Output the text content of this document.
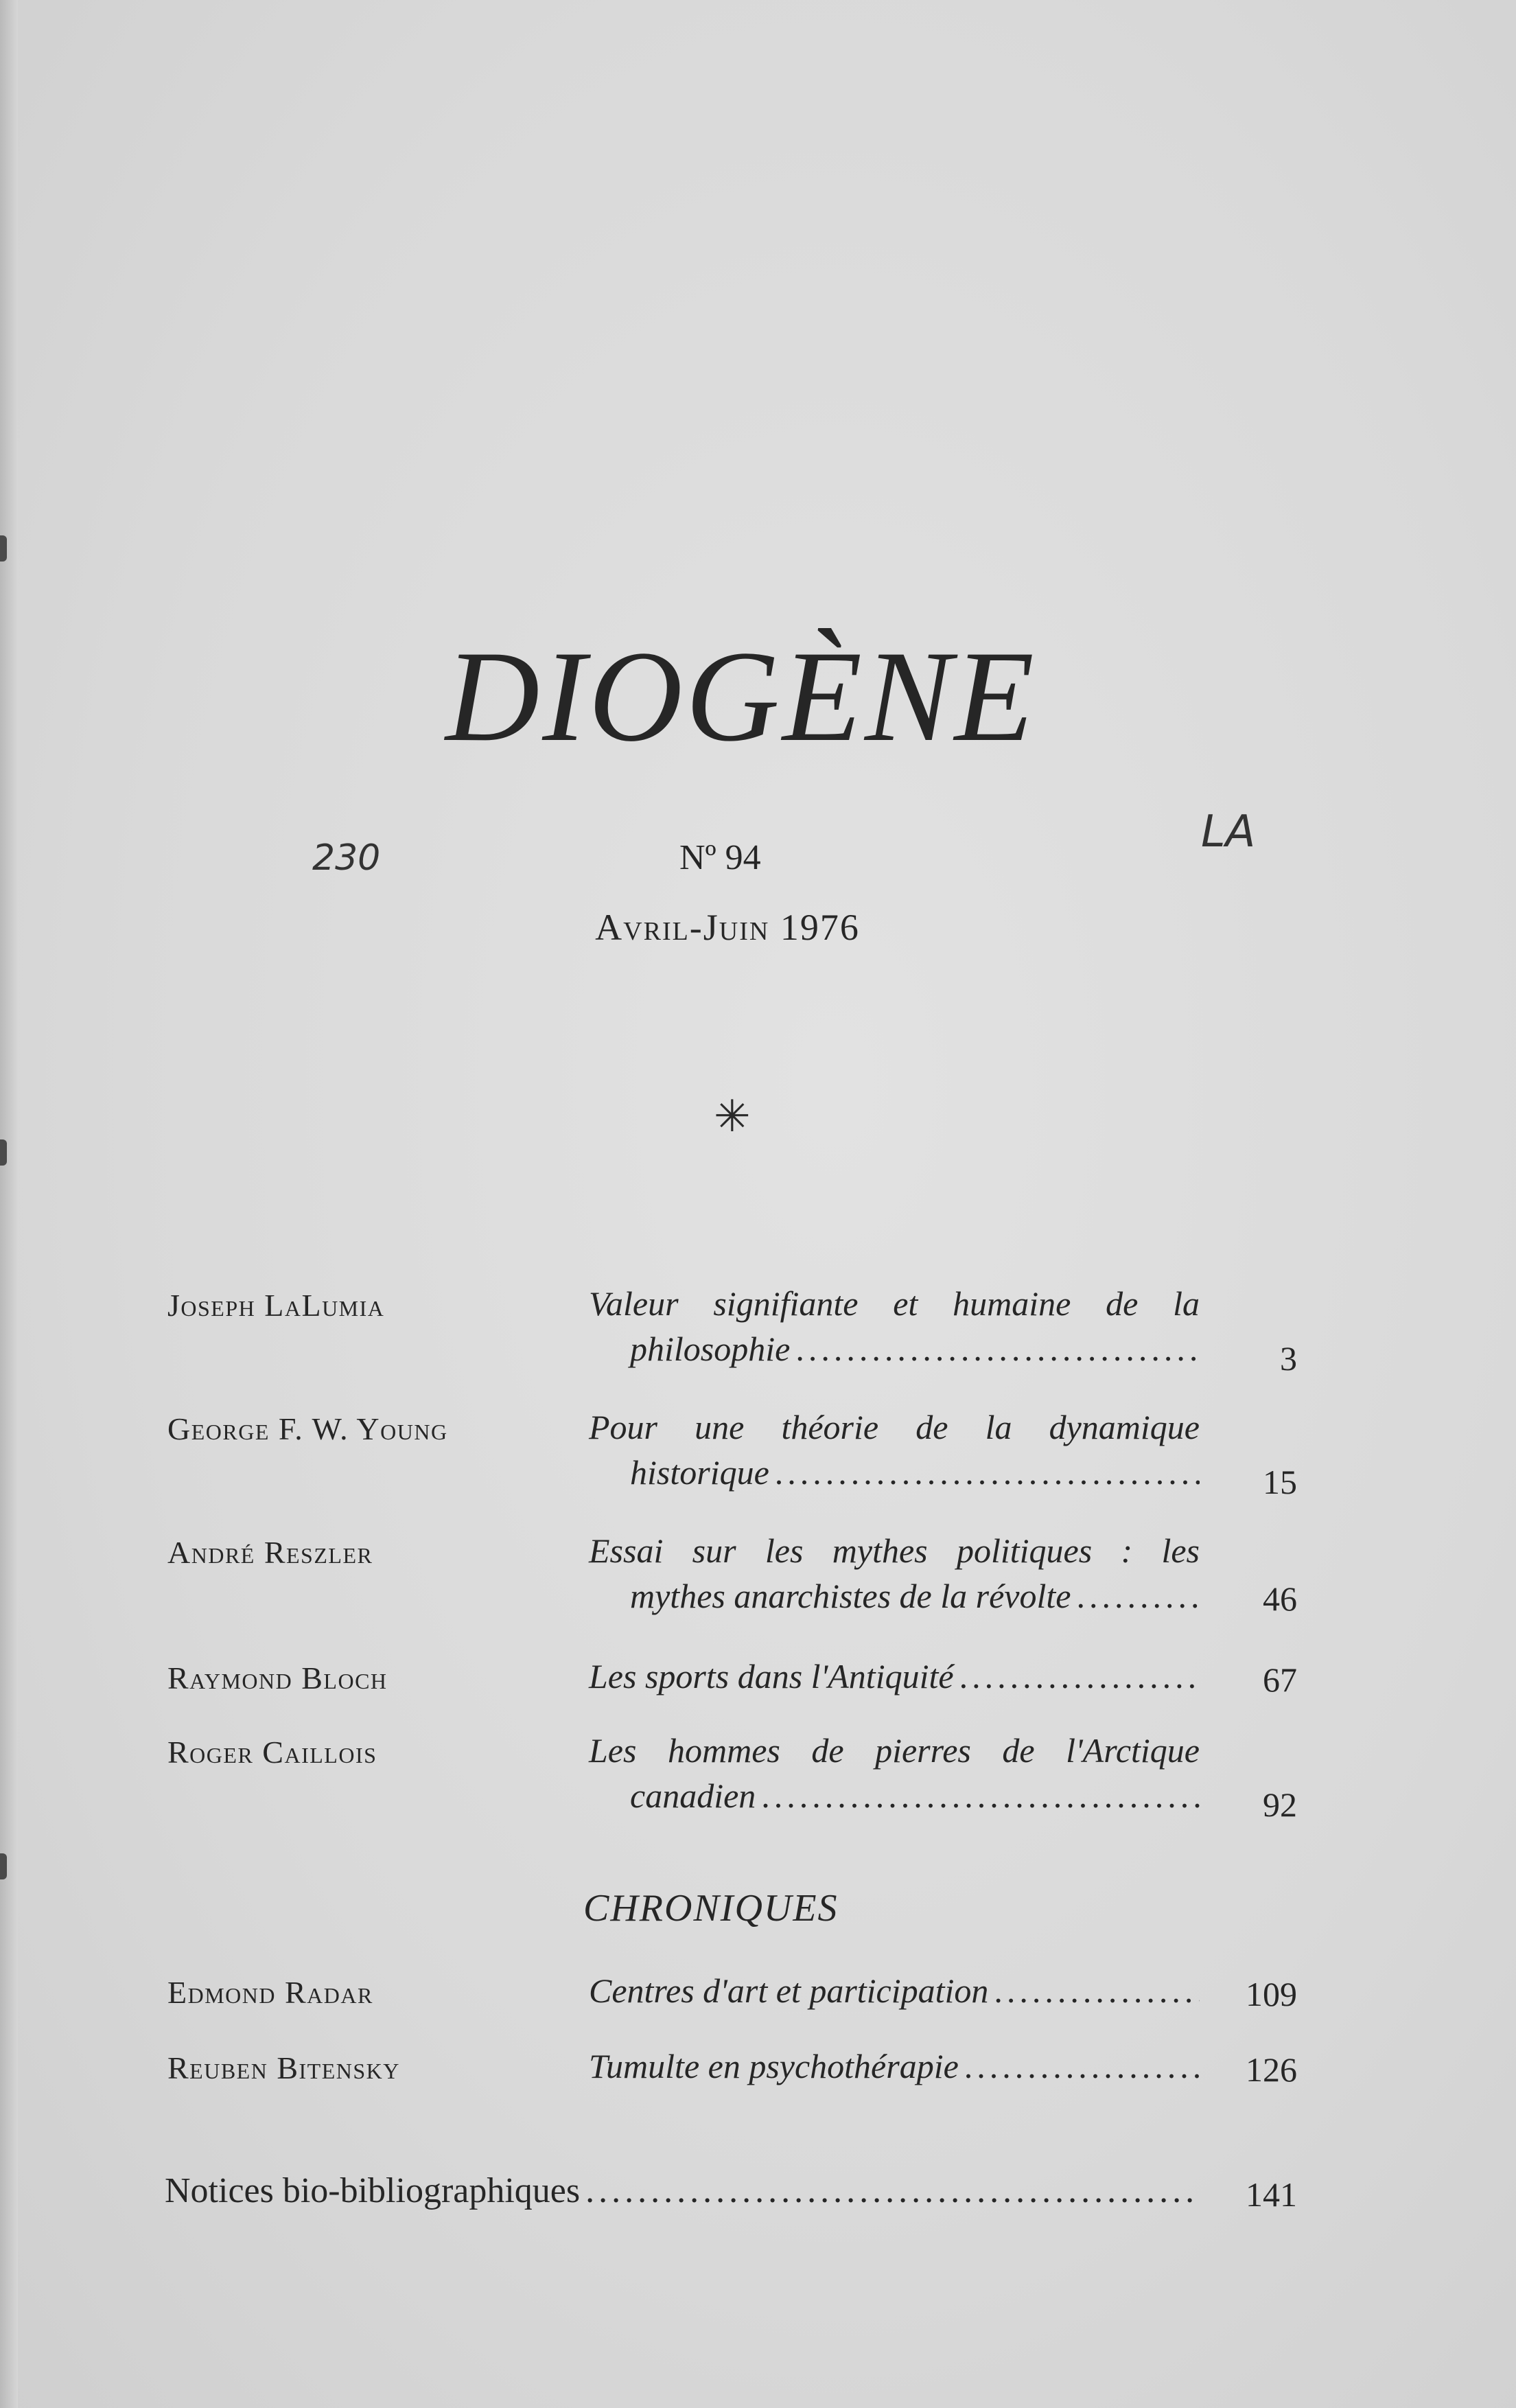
DIOGÈNE
230	Nº 94
LA
Avril-Juin 1976
✳
Joseph LaLumia	Valeur signifiante et humaine de la
philosophie .....	3
George F. W. Young	Pour une théorie de la dynamique
historique .....	15
André Reszler	Essai sur les mythes politiques : les
mythes anarchistes de la révolte .....	46
Raymond Bloch	Les sports dans l'Antiquité .....	67
Roger Caillois	Les hommes de pierres de l'Arctique
canadien .....	92
CHRONIQUES
Edmond Radar	Centres d'art et participation .....	109
Reuben Bitensky	Tumulte en psychothérapie .....	126
Notices bio-bibliographiques .....	141
